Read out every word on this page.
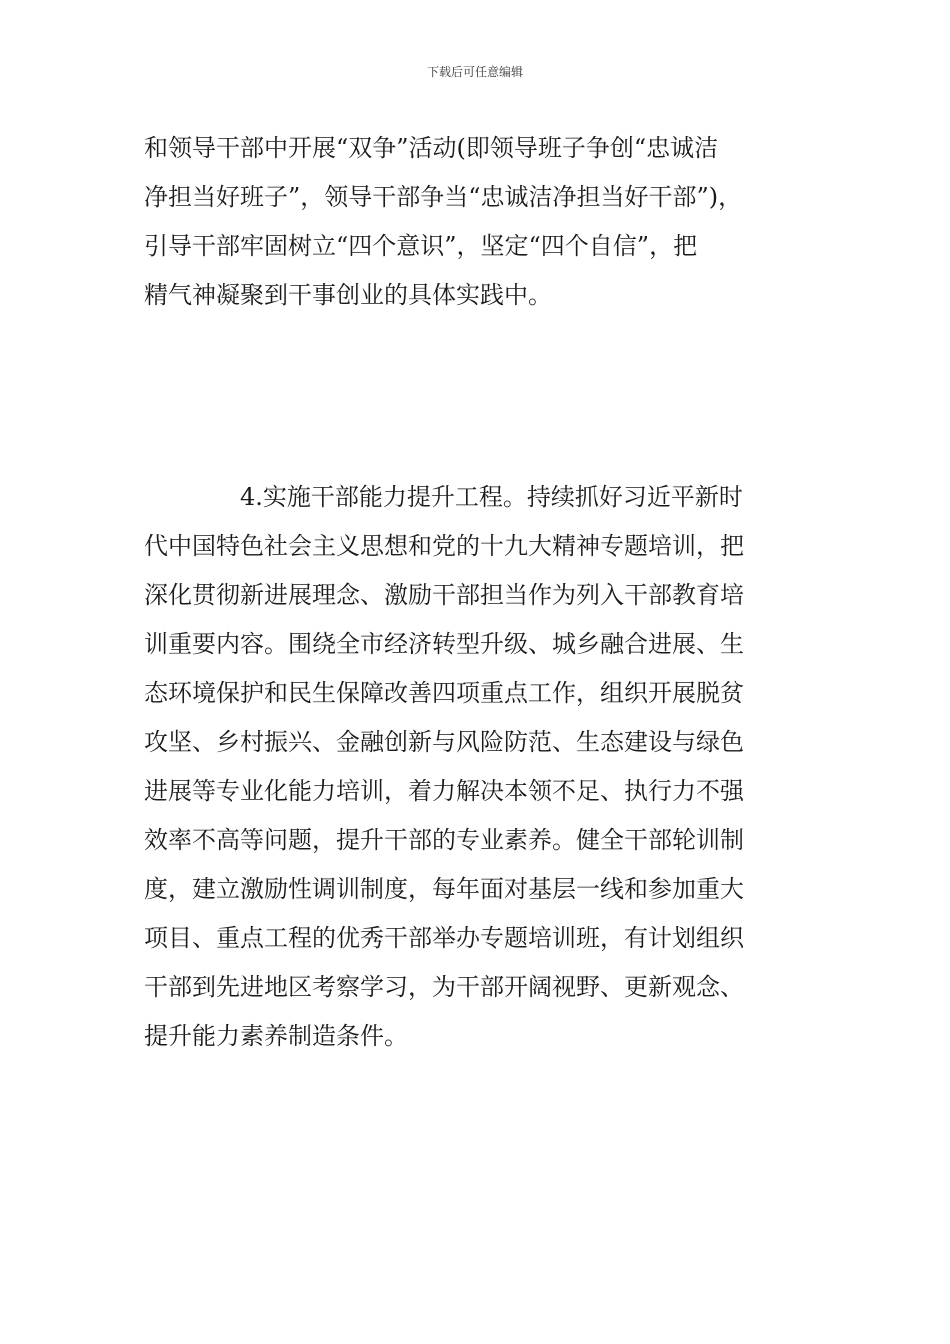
下载后可任意编辑
和领导干部中开展“双争”活动(即领导班子争创“忠诚洁
净担当好班子”，领导干部争当“忠诚洁净担当好干部”)，
引导干部牢固树立“四个意识”，坚定“四个自信”，把
精气神凝聚到干事创业的具体实践中。
4.实施干部能力提升工程。持续抓好习近平新时
代中国特色社会主义思想和党的十九大精神专题培训，把
深化贯彻新进展理念、激励干部担当作为列入干部教育培
训重要内容。围绕全市经济转型升级、城乡融合进展、生
态环境保护和民生保障改善四项重点工作，组织开展脱贫
攻坚、乡村振兴、金融创新与风险防范、生态建设与绿色
进展等专业化能力培训，着力解决本领不足、执行力不强
效率不高等问题，提升干部的专业素养。健全干部轮训制
度，建立激励性调训制度，每年面对基层一线和参加重大
项目、重点工程的优秀干部举办专题培训班，有计划组织
干部到先进地区考察学习，为干部开阔视野、更新观念、
提升能力素养制造条件。
